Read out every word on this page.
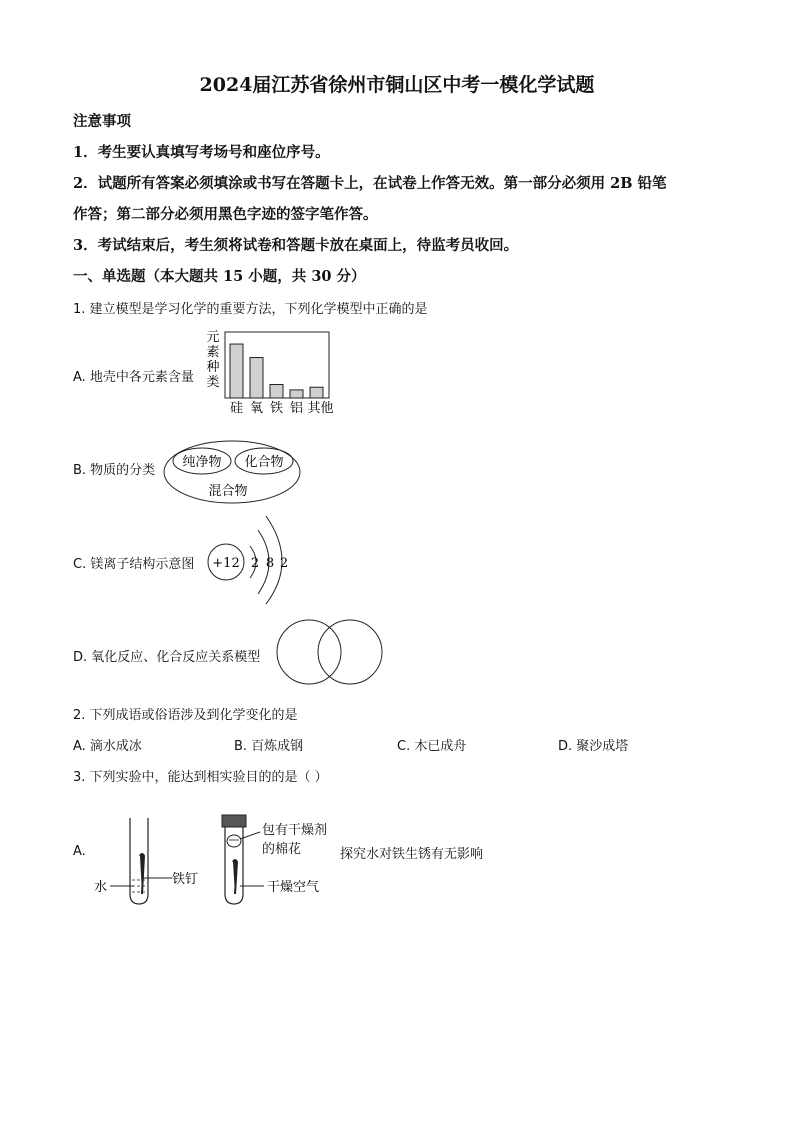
2024届江苏省徐州市铜山区中考一模化学试题
注意事项
1．考生要认真填写考场号和座位序号。
2．试题所有答案必须填涂或书写在答题卡上，在试卷上作答无效。第一部分必须用 2B 铅笔
作答；第二部分必须用黑色字迹的签字笔作答。
3．考试结束后，考生须将试卷和答题卡放在桌面上，待监考员收回。
一、单选题（本大题共 15 小题，共 30 分）
1. 建立模型是学习化学的重要方法，下列化学模型中正确的是
A. 地壳中各元素含量
元
素
种
类
硅 氧 铁 铝 其他
B. 物质的分类
纯净物 化合物
混合物
C. 镁离子结构示意图 +12 2 8 2
D. 氧化反应、化合反应关系模型
2. 下列成语或俗语涉及到化学变化的是
A. 滴水成冰	B. 百炼成钢	C. 木已成舟	D. 聚沙成塔
3. 下列实验中，能达到相实验目的的是（ ）
A.
水
铁钉
干燥空气
包有干燥剂
的棉花	探究水对铁生锈有无影响
